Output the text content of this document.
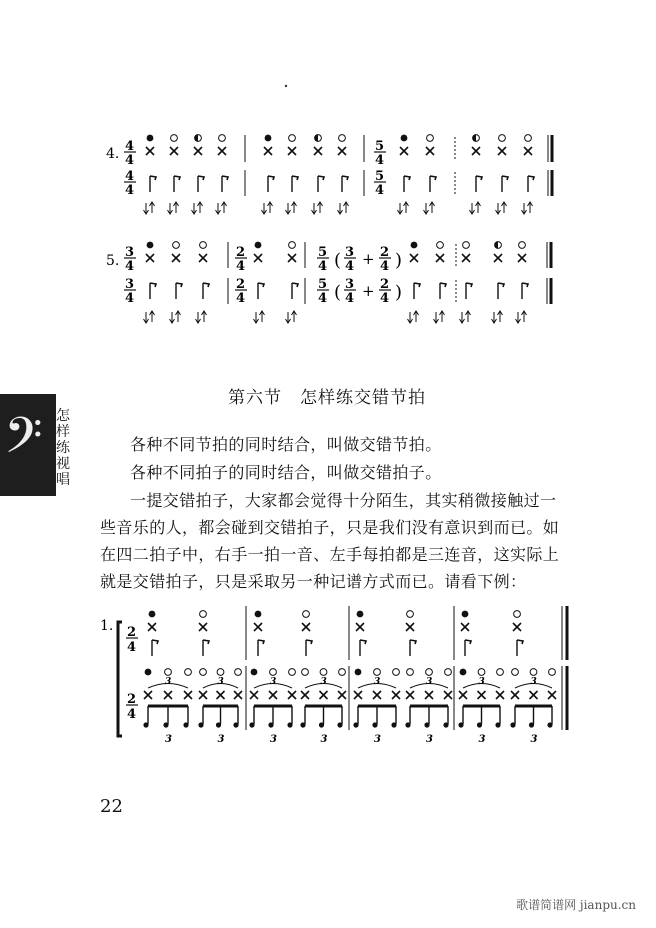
4. 4
4
5
4
4
4
5
4
5.
3
4
2
4
5
4 ( 3
4 + 2
4 )
3
4
2
4
5
4 ( 3
4 + 2
4 )
第六节　怎样练交错节拍
各种不同节拍的同时结合，叫做交错节拍。
各种不同拍子的同时结合，叫做交错拍子。
一提交错拍子，大家都会觉得十分陌生，其实稍微接触过一
些音乐的人，都会碰到交错拍子，只是我们没有意识到而已。如
在四二拍子中，右手一拍一音、左手每拍都是三连音，这实际上
就是交错拍子，只是采取另一种记谱方式而已。请看下例：
𝄢 怎样练视唱
1. 2
4
2
4
3
3
3
3
3
3
3
3
3
3
3
3
3
3
3
3
22
歌谱简谱网 jianpu.cn
